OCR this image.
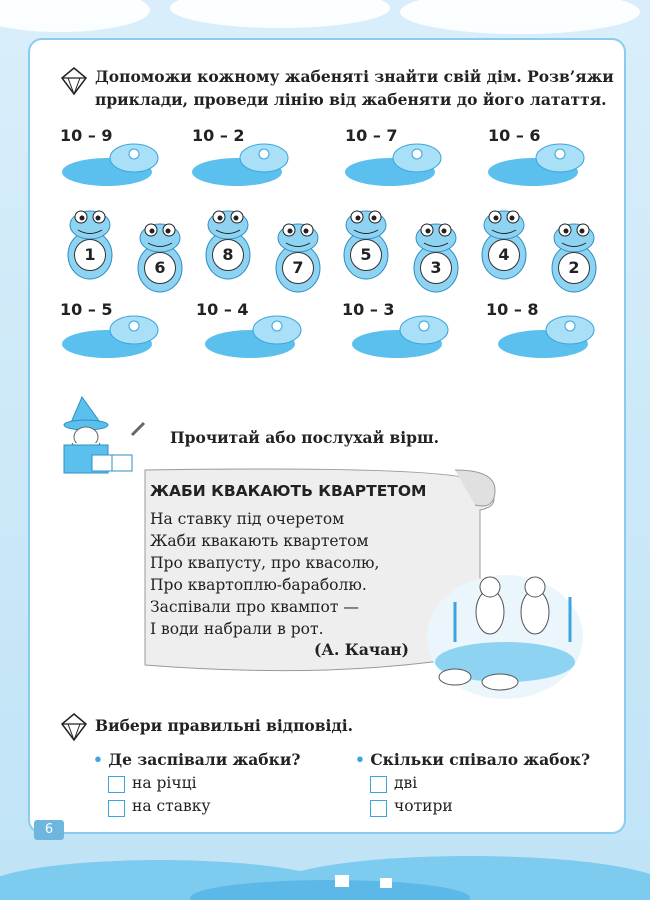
Допоможи кожному жабеняті знайти свій дім. Розв’яжи
приклади, проведи лінію від жабеняти до його латаття.
10 – 9	10 – 2	10 – 7	10 – 6
1
6
8
7
5
3
4
2
10 – 5	10 – 4	10 – 3	10 – 8
Прочитай або послухай вірш.
ЖАБИ КВАКАЮТЬ КВАРТЕТОМ
На ставку під очеретом
Жаби квакають квартетом
Про квапусту, про квасолю,
Про квартоплю-бараболю.
Заспівали про квампот —
І води набрали в рот.
(А. Качан)
Вибери правильні відповіді.
• Де заспівали жабки?
на річці
на ставку
• Скільки співало жабок?
дві
чотири
6
